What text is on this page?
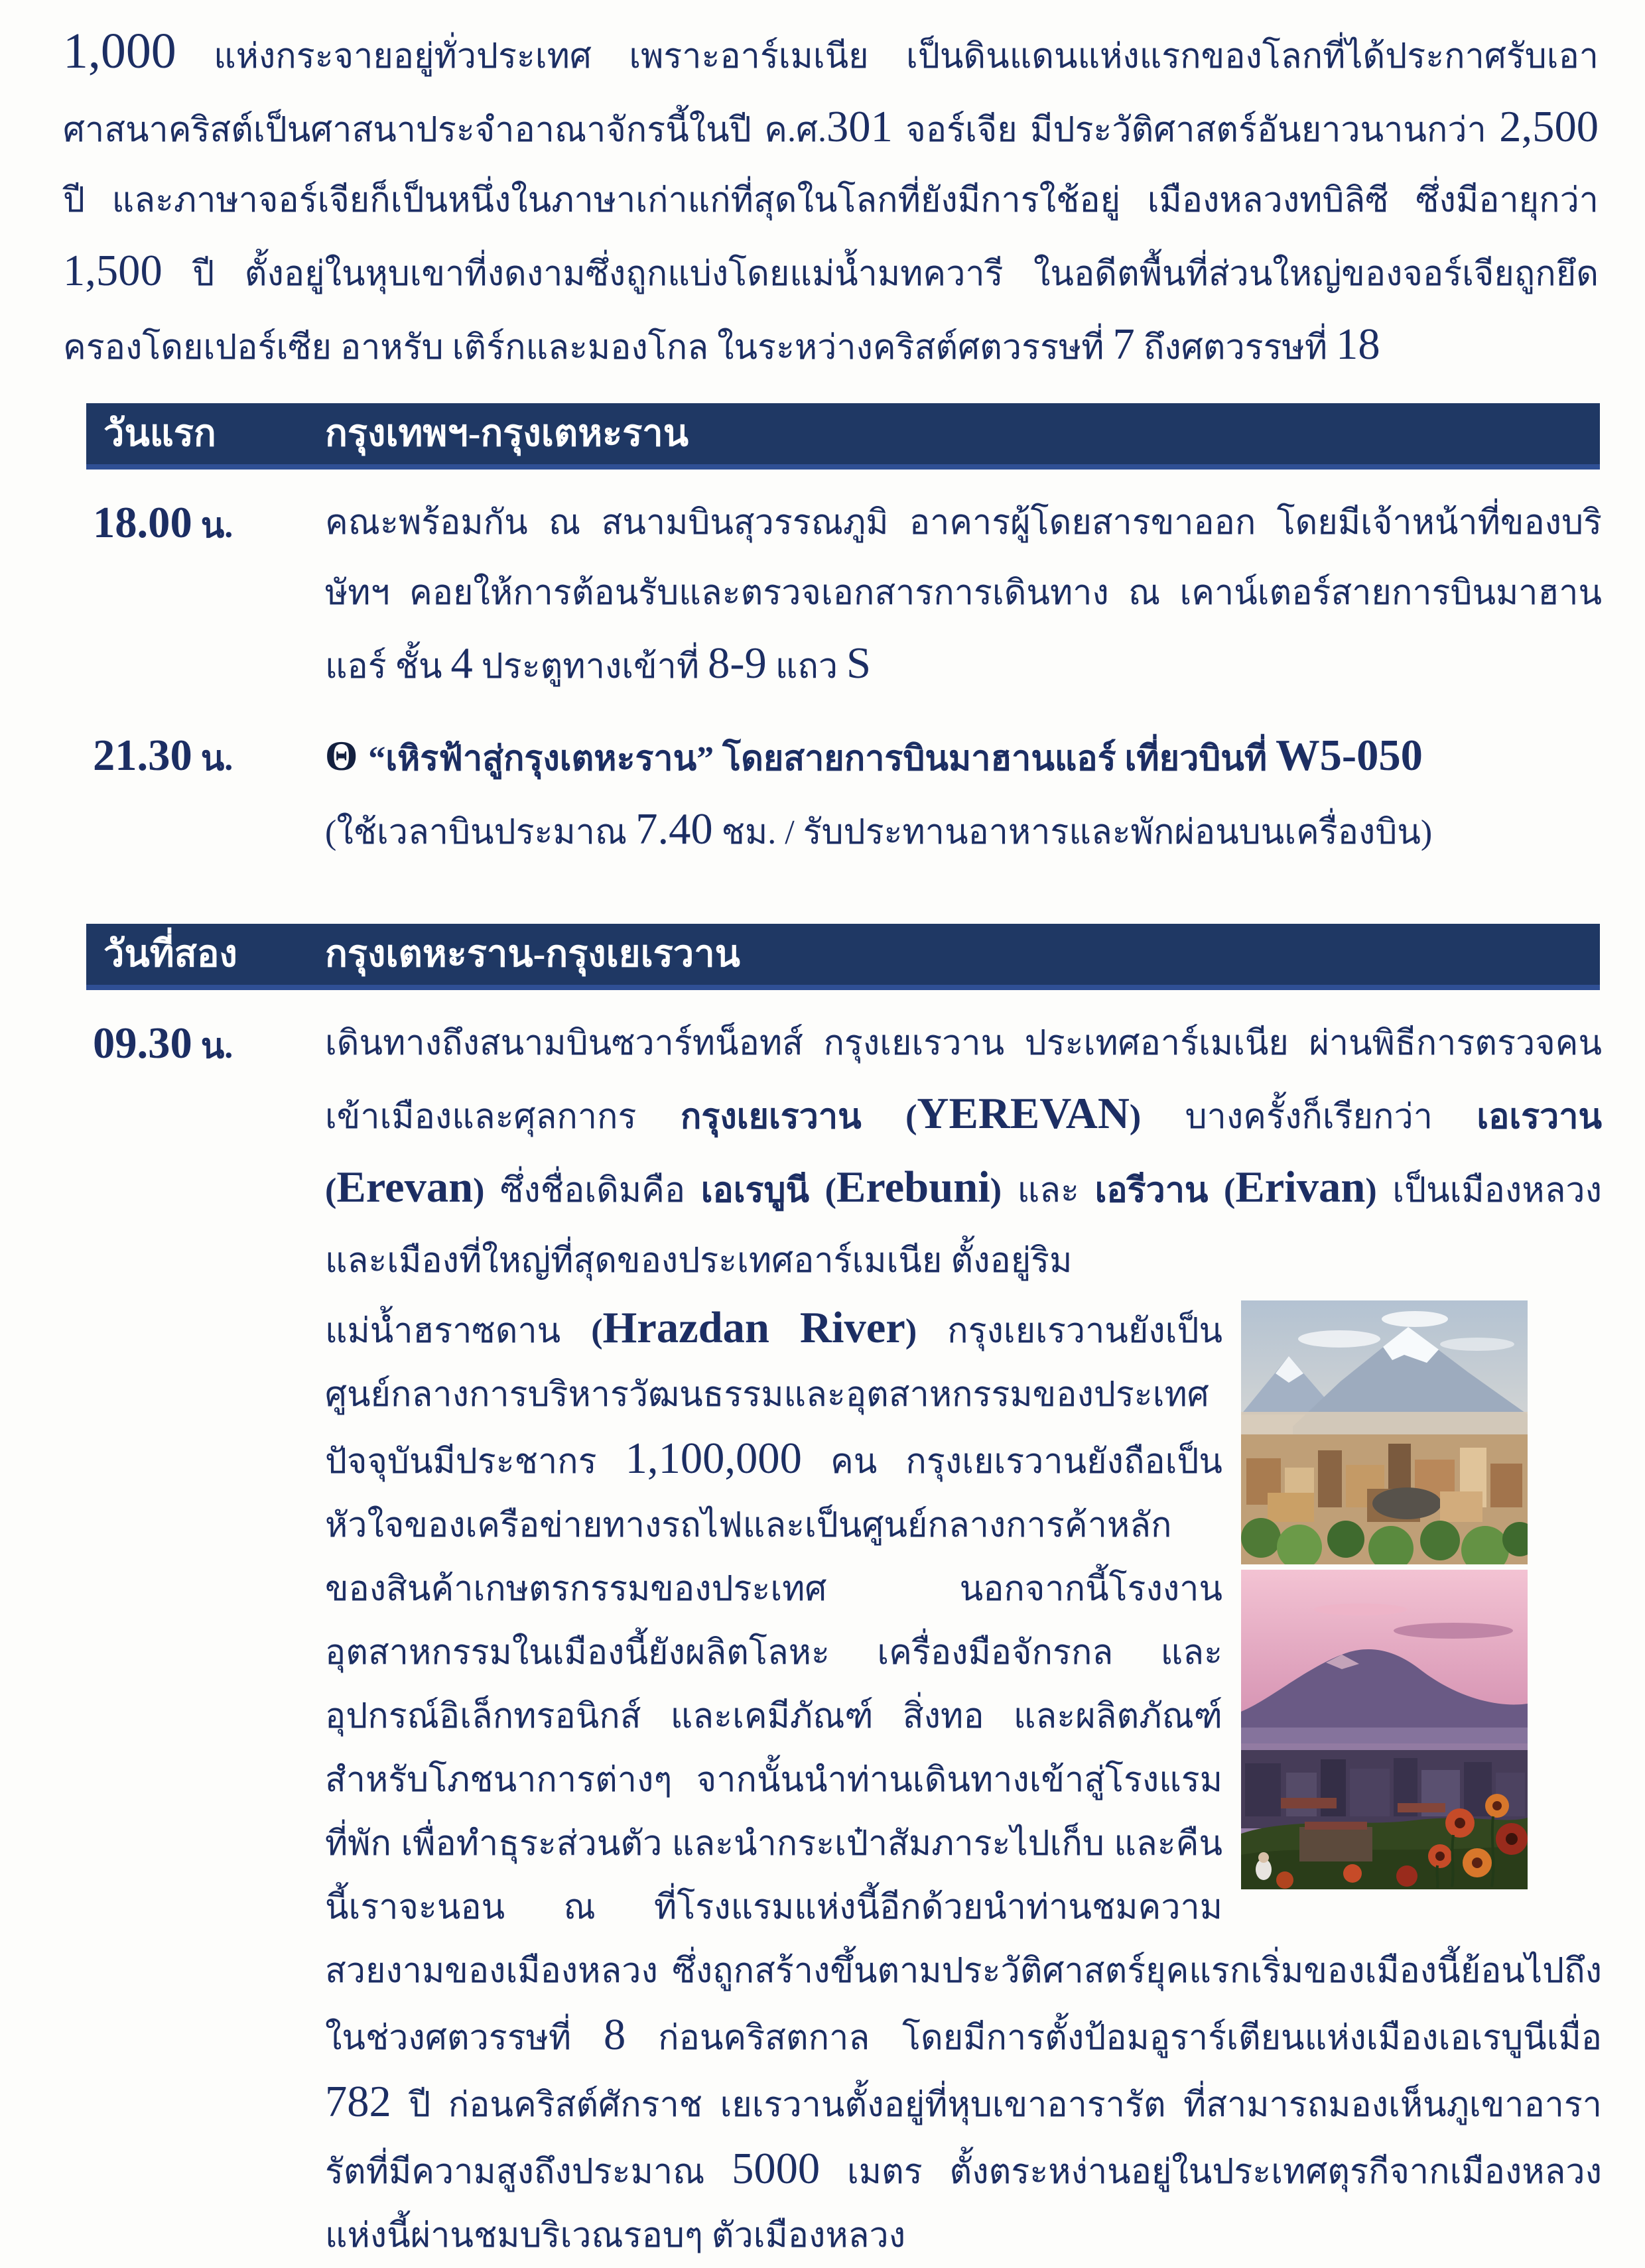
1,000 แห่งกระจายอยู่ทั่วประเทศ เพราะอาร์เมเนีย เป็นดินแดนแห่งแรกของโลกที่ได้ประกาศรับเอาศาสนาคริสต์เป็นศาสนาประจำอาณาจักรนี้ในปี ค.ศ.301 จอร์เจีย มีประวัติศาสตร์อันยาวนานกว่า 2,500 ปี และภาษาจอร์เจียก็เป็นหนึ่งในภาษาเก่าแก่ที่สุดในโลกที่ยังมีการใช้อยู่ เมืองหลวงทบิลิซี ซึ่งมีอายุกว่า 1,500 ปี ตั้งอยู่ในหุบเขาที่งดงามซึ่งถูกแบ่งโดยแม่น้ำมทควารี ในอดีตพื้นที่ส่วนใหญ่ของจอร์เจียถูกยึดครองโดยเปอร์เซีย อาหรับ เติร์กและมองโกล ในระหว่างคริสต์ศตวรรษที่ 7 ถึงศตวรรษที่ 18

วันแรก	กรุงเทพฯ-กรุงเตหะราน
18.00 น.	คณะพร้อมกัน ณ สนามบินสุวรรณภูมิ อาคารผู้โดยสารขาออก โดยมีเจ้าหน้าที่ของบริษัทฯ คอยให้การต้อนรับและตรวจเอกสารการเดินทาง ณ เคาน์เตอร์สายการบินมาฮานแอร์ ชั้น 4 ประตูทางเข้าที่ 8-9 แถว S
21.30 น.	Θ “เหิรฟ้าสู่กรุงเตหะราน” โดยสายการบินมาฮานแอร์ เที่ยวบินที่ W5-050
(ใช้เวลาบินประมาณ 7.40 ชม. / รับประทานอาหารและพักผ่อนบนเครื่องบิน)
วันที่สอง	กรุงเตหะราน-กรุงเยเรวาน
09.30 น.	เดินทางถึงสนามบินซวาร์ทน็อทส์ กรุงเยเรวาน ประเทศอาร์เมเนีย ผ่านพิธีการตรวจคนเข้าเมืองและศุลกากร กรุงเยเรวาน (YEREVAN) บางครั้งก็เรียกว่า เอเรวาน (Erevan) ซึ่งชื่อเดิมคือ เอเรบูนี (Erebuni) และ เอรีวาน (Erivan) เป็นเมืองหลวงและเมืองที่ใหญ่ที่สุดของประเทศอาร์เมเนีย ตั้งอยู่ริม
แม่น้ำฮราซดาน (Hrazdan River) กรุงเยเรวานยังเป็นศูนย์กลางการบริหารวัฒนธรรมและอุตสาหกรรมของประเทศ ปัจจุบันมีประชากร 1,100,000 คน กรุงเยเรวานยังถือเป็นหัวใจของเครือข่ายทางรถไฟและเป็นศูนย์กลางการค้าหลักของสินค้าเกษตรกรรมของประเทศ นอกจากนี้โรงงานอุตสาหกรรมในเมืองนี้ยังผลิตโลหะ เครื่องมือจักรกล และอุปกรณ์อิเล็กทรอนิกส์ และเคมีภัณฑ์ สิ่งทอ และผลิตภัณฑ์สำหรับโภชนาการต่างๆ จากนั้นนำท่านเดินทางเข้าสู่โรงแรมที่พัก เพื่อทำธุระส่วนตัว และนำกระเป๋าสัมภาระไปเก็บ และคืนนี้เราจะนอน ณ ที่โรงแรมแห่งนี้อีกด้วยนำท่านชมความสวยงามของเมืองหลวง ซึ่งถูกสร้างขึ้นตามประวัติศาสตร์ยุคแรกเริ่มของเมืองนี้ย้อนไปถึงในช่วงศตวรรษที่ 8 ก่อนคริสตกาล โดยมีการตั้งป้อมอูราร์เตียนแห่งเมืองเอเรบูนีเมื่อ 782 ปี ก่อนคริสต์ศักราช เยเรวานตั้งอยู่ที่หุบเขาอารารัต ที่สามารถมองเห็นภูเขาอารารัตที่มีความสูงถึงประมาณ 5000 เมตร ตั้งตระหง่านอยู่ในประเทศตุรกีจากเมืองหลวงแห่งนี้ผ่านชมบริเวณรอบๆ ตัวเมืองหลวง
